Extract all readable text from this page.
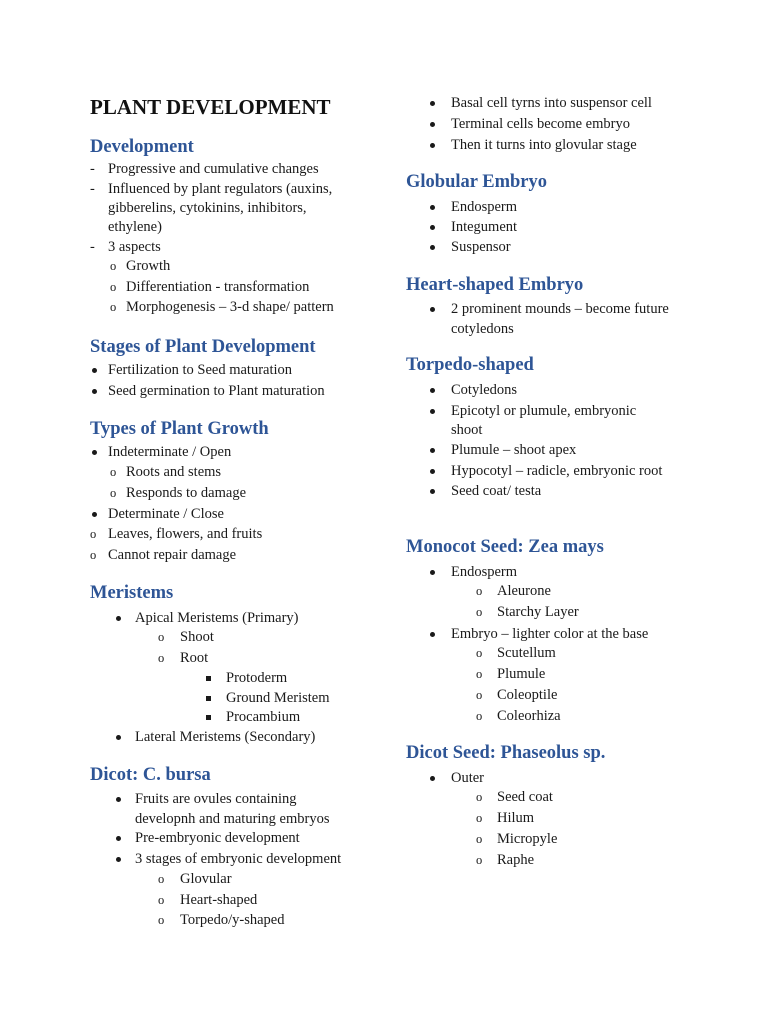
PLANT DEVELOPMENT
Development
- Progressive and cumulative changes
- Influenced by plant regulators (auxins,
gibberelins, cytokinins, inhibitors,
ethylene)
- 3 aspects
o Growth
o Differentiation - transformation
o Morphogenesis – 3-d shape/ pattern
Stages of Plant Development
Fertilization to Seed maturation
Seed germination to Plant maturation
Types of Plant Growth
Indeterminate / Open
o Roots and stems
o Responds to damage
Determinate / Close
o Leaves, flowers, and fruits
o Cannot repair damage
Meristems
Apical Meristems (Primary)
o Shoot
o Root
Protoderm
Ground Meristem
Procambium
Lateral Meristems (Secondary)
Dicot: C. bursa
Fruits are ovules containing
developnh and maturing embryos
Pre-embryonic development
3 stages of embryonic development
o Glovular
o Heart-shaped
o Torpedo/y-shaped
Basal cell tyrns into suspensor cell
Terminal cells become embryo
Then it turns into glovular stage
Globular Embryo
Endosperm
Integument
Suspensor
Heart-shaped Embryo
2 prominent mounds – become future
cotyledons
Torpedo-shaped
Cotyledons
Epicotyl or plumule, embryonic
shoot
Plumule – shoot apex
Hypocotyl – radicle, embryonic root
Seed coat/ testa
Monocot Seed: Zea mays
Endosperm
o Aleurone
o Starchy Layer
Embryo – lighter color at the base
o Scutellum
o Plumule
o Coleoptile
o Coleorhiza
Dicot Seed: Phaseolus sp.
Outer
o Seed coat
o Hilum
o Micropyle
o Raphe
